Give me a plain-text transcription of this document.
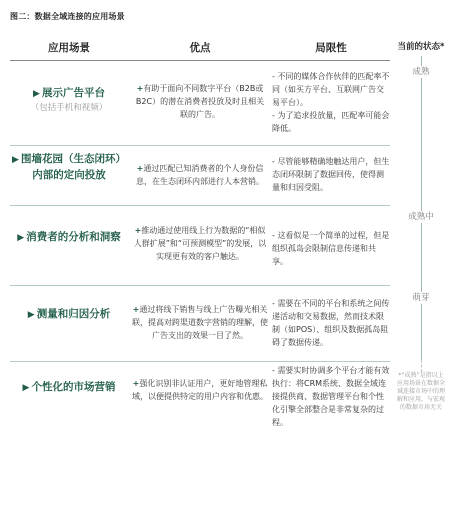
图二：数据全域连接的应用场景
应用场景	优点	局限性	当前的状态*
▶ 展示广告平台
（包括手机和视频）
+有助于面向不同数字平台（B2B或B2C）的潜在消费者投放及时且相关联的广告。
- 不同的媒体合作伙伴的匹配率不同（如买方平台、互联网广告交易平台）。
- 为了追求投放量，匹配率可能会降低。
▶ 围墙花园（生态闭环）内部的定向投放
+通过匹配已知消费者的个人身份信息，在生态闭环内部进行人本营销。
- 尽管能够精确地触达用户，但生态闭环限制了数据回传，使得测量和归因受阻。
▶ 消费者的分析和洞察
+推动通过使用线上行为数据的“相似人群扩展”和“可预测模型”的发展，以实现更有效的客户触达。
- 这看似是一个简单的过程，但是组织孤岛会限制信息传递和共享。
▶ 测量和归因分析	+通过将线下销售与线上广告曝光相关联，提高对跨渠道数字营销的理解，使广告支出的效果一目了然。
- 需要在不同的平台和系统之间传递活动和交易数据，然而技术限制（如POS）、组织及数据孤岛阻碍了数据传递。
▶ 个性化的市场营销	+强化识别非认证用户，更好地管理私域，以便提供特定的用户内容和优惠。
- 需要实时协调多个平台才能有效执行：将CRM系统、数据全域连接提供商、数据管理平台和个性化引擎全部整合是非常复杂的过程。
成熟
成熟中
萌芽
*“成熟”是指以上应用场景在数据全域连接市场中的理解和应用，与宏观的数据市场无关
